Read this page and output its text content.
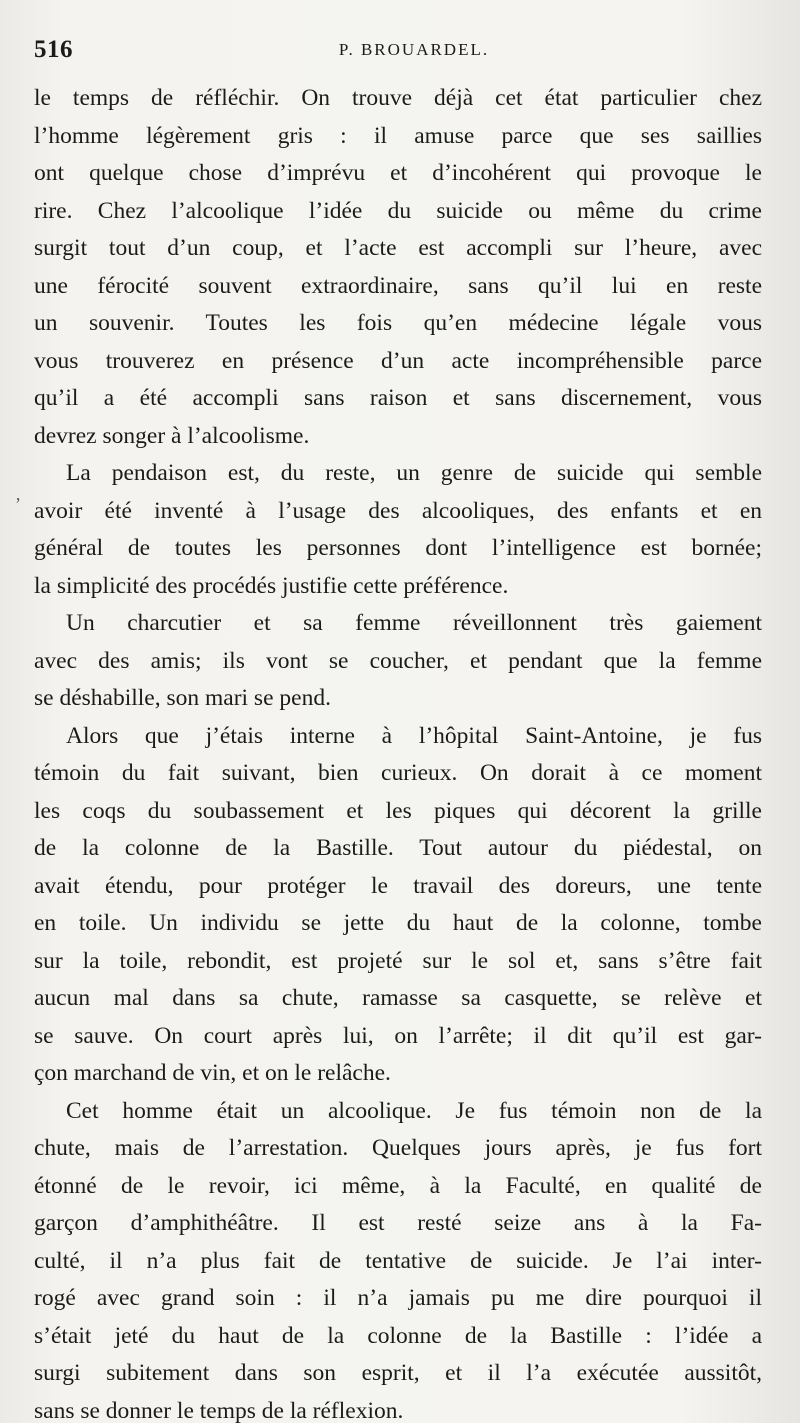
516	P. BROUARDEL.
ʼ
le temps de réfléchir. On trouve déjà cet état particulier chez
l’homme légèrement gris : il amuse parce que ses saillies
ont quelque chose d’imprévu et d’incohérent qui provoque le
rire. Chez l’alcoolique l’idée du suicide ou même du crime
surgit tout d’un coup, et l’acte est accompli sur l’heure, avec
une férocité souvent extraordinaire, sans qu’il lui en reste
un souvenir. Toutes les fois qu’en médecine légale vous
vous trouverez en présence d’un acte incompréhensible parce
qu’il a été accompli sans raison et sans discernement, vous
devrez songer à l’alcoolisme.
La pendaison est, du reste, un genre de suicide qui semble
avoir été inventé à l’usage des alcooliques, des enfants et en
général de toutes les personnes dont l’intelligence est bornée;
la simplicité des procédés justifie cette préférence.
Un charcutier et sa femme réveillonnent très gaiement
avec des amis; ils vont se coucher, et pendant que la femme
se déshabille, son mari se pend.
Alors que j’étais interne à l’hôpital Saint-Antoine, je fus
témoin du fait suivant, bien curieux. On dorait à ce moment
les coqs du soubassement et les piques qui décorent la grille
de la colonne de la Bastille. Tout autour du piédestal, on
avait étendu, pour protéger le travail des doreurs, une tente
en toile. Un individu se jette du haut de la colonne, tombe
sur la toile, rebondit, est projeté sur le sol et, sans s’être fait
aucun mal dans sa chute, ramasse sa casquette, se relève et
se sauve. On court après lui, on l’arrête; il dit qu’il est gar-
çon marchand de vin, et on le relâche.
Cet homme était un alcoolique. Je fus témoin non de la
chute, mais de l’arrestation. Quelques jours après, je fus fort
étonné de le revoir, ici même, à la Faculté, en qualité de
garçon d’amphithéâtre. Il est resté seize ans à la Fa-
culté, il n’a plus fait de tentative de suicide. Je l’ai inter-
rogé avec grand soin : il n’a jamais pu me dire pourquoi il
s’était jeté du haut de la colonne de la Bastille : l’idée a
surgi subitement dans son esprit, et il l’a exécutée aussitôt,
sans se donner le temps de la réflexion.
